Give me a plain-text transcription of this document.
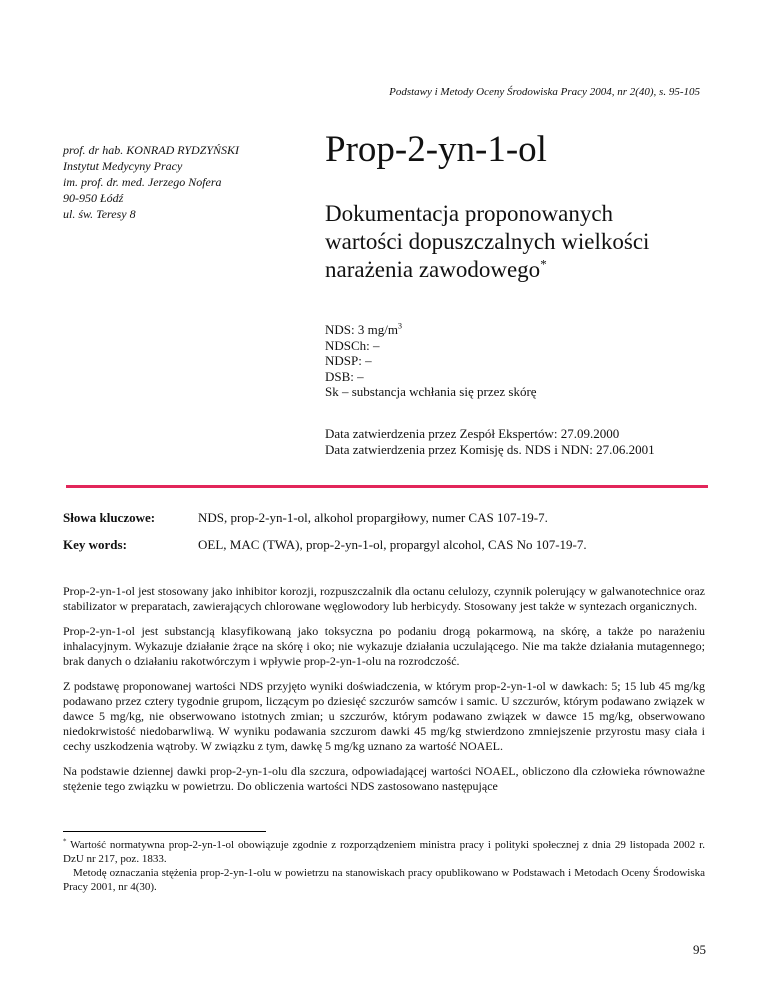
Podstawy i Metody Oceny Środowiska Pracy 2004, nr 2(40), s. 95-105
prof. dr hab. KONRAD RYDZYŃSKI
Instytut Medycyny Pracy
im. prof. dr. med. Jerzego Nofera
90-950 Łódź
ul. św. Teresy 8
Prop-2-yn-1-ol
Dokumentacja proponowanych
wartości dopuszczalnych wielkości
narażenia zawodowego*
NDS: 3 $mg/m^3$
NDSCh: –
NDSP: –
DSB: –
Sk – substancja wchłania się przez skórę
Data zatwierdzenia przez Zespół Ekspertów: 27.09.2000
Data zatwierdzenia przez Komisję ds. NDS i NDN: 27.06.2001
Słowa kluczowe:	NDS, prop-2-yn-1-ol, alkohol propargiłowy, numer CAS 107-19-7.
Key words:	OEL, MAC (TWA), prop-2-yn-1-ol, propargyl alcohol, CAS No 107-19-7.

Prop-2-yn-1-ol jest stosowany jako inhibitor korozji, rozpuszczalnik dla octanu celulozy, czynnik polerujący w galwanotechnice oraz stabilizator w preparatach, zawierających chlorowane węglowodory lub herbicydy. Stosowany jest także w syntezach organicznych.

Prop-2-yn-1-ol jest substancją klasyfikowaną jako toksyczna po podaniu drogą pokarmową, na skórę, a także po narażeniu inhalacyjnym. Wykazuje działanie żrące na skórę i oko; nie wykazuje działania uczulającego. Nie ma także działania mutagennego; brak danych o działaniu rakotwórczym i wpływie prop-2-yn-1-olu na rozrodczość.

Z podstawę proponowanej wartości NDS przyjęto wyniki doświadczenia, w którym prop-2-yn-1-ol w dawkach: 5; 15 lub 45 mg/kg podawano przez cztery tygodnie grupom, liczącym po dziesięć szczurów samców i samic. U szczurów, którym podawano związek w dawce 5 mg/kg, nie obserwowano istotnych zmian; u szczurów, którym podawano związek w dawce 15 mg/kg, obserwowano niedokrwistość niedobarwliwą. W wyniku podawania szczurom dawki 45 mg/kg stwierdzono zmniejszenie przyrostu masy ciała i cechy uszkodzenia wątroby. W związku z tym, dawkę 5 mg/kg uznano za wartość NOAEL.

Na podstawie dziennej dawki prop-2-yn-1-olu dla szczura, odpowiadającej wartości NOAEL, obliczono dla człowieka równoważne stężenie tego związku w powietrzu. Do obliczenia wartości NDS zastosowano następujące

* Wartość normatywna prop-2-yn-1-ol obowiązuje zgodnie z rozporządzeniem ministra pracy i polityki społecznej z dnia 29 listopada 2002 r. DzU nr 217, poz. 1833.

Metodę oznaczania stężenia prop-2-yn-1-olu w powietrzu na stanowiskach pracy opublikowano w Podstawach i Metodach Oceny Środowiska Pracy 2001, nr 4(30).

95
